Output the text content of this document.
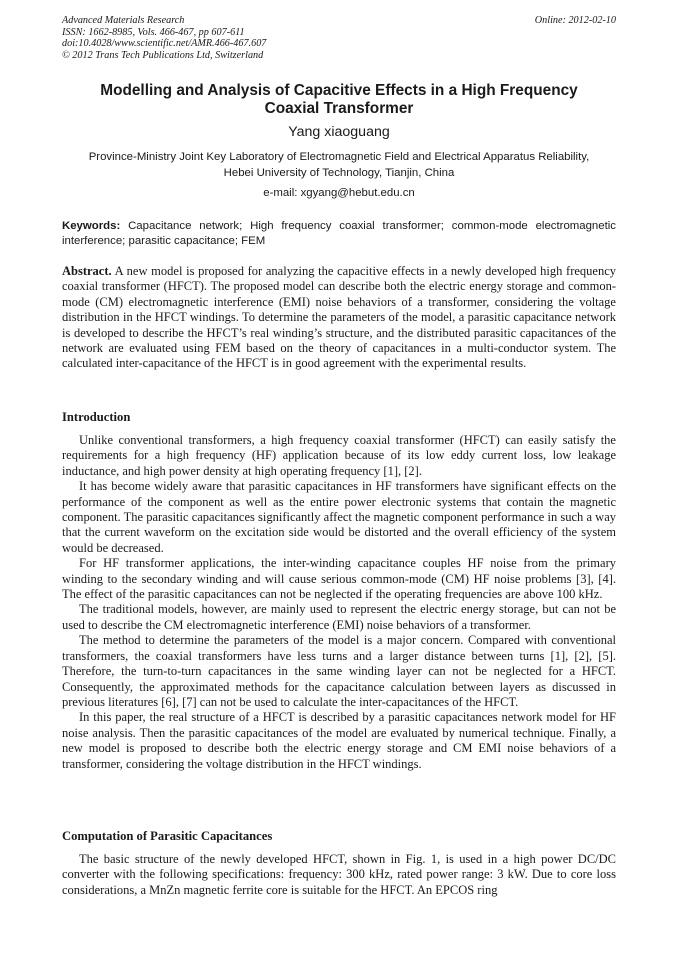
Advanced Materials Research
ISSN: 1662-8985, Vols. 466-467, pp 607-611
doi:10.4028/www.scientific.net/AMR.466-467.607
© 2012 Trans Tech Publications Ltd, Switzerland
Online: 2012-02-10
Modelling and Analysis of Capacitive Effects in a High Frequency
Coaxial Transformer
Yang xiaoguang
Province-Ministry Joint Key Laboratory of Electromagnetic Field and Electrical Apparatus Reliability,
Hebei University of Technology, Tianjin, China
e-mail: xgyang@hebut.edu.cn
Keywords: Capacitance network; High frequency coaxial transformer; common-mode electromagnetic interference; parasitic capacitance; FEM
Abstract. A new model is proposed for analyzing the capacitive effects in a newly developed high frequency coaxial transformer (HFCT). The proposed model can describe both the electric energy storage and common-mode (CM) electromagnetic interference (EMI) noise behaviors of a transformer, considering the voltage distribution in the HFCT windings. To determine the parameters of the model, a parasitic capacitance network is developed to describe the HFCT’s real winding’s structure, and the distributed parasitic capacitances of the network are evaluated using FEM based on the theory of capacitances in a multi-conductor system. The calculated inter-capacitance of the HFCT is in good agreement with the experimental results.
Introduction

Unlike conventional transformers, a high frequency coaxial transformer (HFCT) can easily satisfy the requirements for a high frequency (HF) application because of its low eddy current loss, low leakage inductance, and high power density at high operating frequency [1], [2].

It has become widely aware that parasitic capacitances in HF transformers have significant effects on the performance of the component as well as the entire power electronic systems that contain the magnetic component. The parasitic capacitances significantly affect the magnetic component performance in such a way that the current waveform on the excitation side would be distorted and the overall efficiency of the system would be decreased.

For HF transformer applications, the inter-winding capacitance couples HF noise from the primary winding to the secondary winding and will cause serious common-mode (CM) HF noise problems [3], [4]. The effect of the parasitic capacitances can not be neglected if the operating frequencies are above 100 kHz.

The traditional models, however, are mainly used to represent the electric energy storage, but can not be used to describe the CM electromagnetic interference (EMI) noise behaviors of a transformer.

The method to determine the parameters of the model is a major concern. Compared with conventional transformers, the coaxial transformers have less turns and a larger distance between turns [1], [2], [5]. Therefore, the turn-to-turn capacitances in the same winding layer can not be neglected for a HFCT. Consequently, the approximated methods for the capacitance calculation between layers as discussed in previous literatures [6], [7] can not be used to calculate the inter-capacitances of the HFCT.

In this paper, the real structure of a HFCT is described by a parasitic capacitances network model for HF noise analysis. Then the parasitic capacitances of the model are evaluated by numerical technique. Finally, a new model is proposed to describe both the electric energy storage and CM EMI noise behaviors of a transformer, considering the voltage distribution in the HFCT windings.

Computation of Parasitic Capacitances

The basic structure of the newly developed HFCT, shown in Fig. 1, is used in a high power DC/DC converter with the following specifications: frequency: 300 kHz, rated power range: 3 kW. Due to core loss considerations, a MnZn magnetic ferrite core is suitable for the HFCT. An EPCOS ring
